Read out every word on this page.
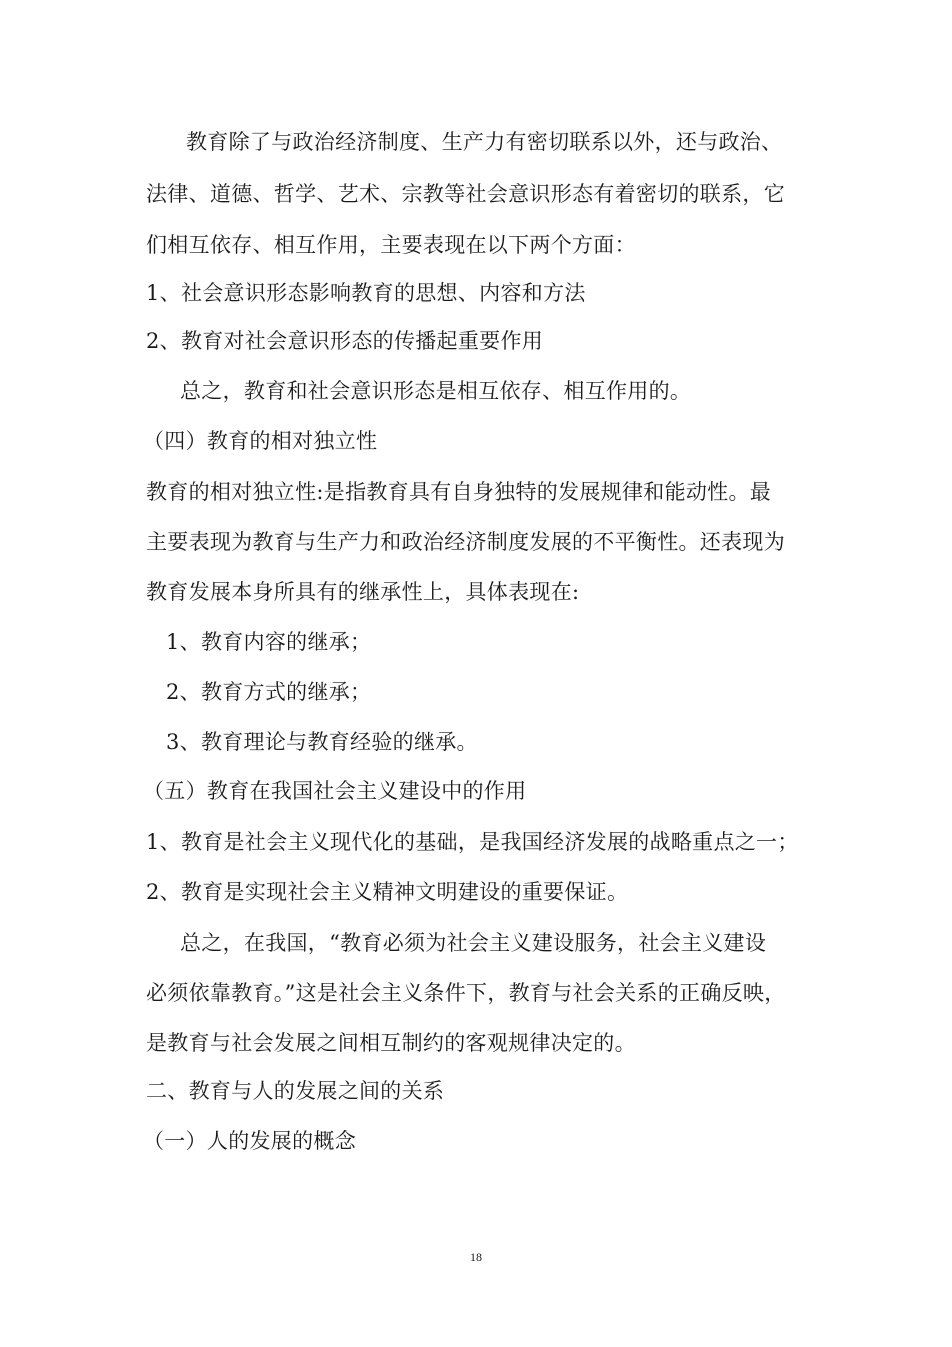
教育除了与政治经济制度、生产力有密切联系以外，还与政治、
法律、道德、哲学、艺术、宗教等社会意识形态有着密切的联系，它
们相互依存、相互作用，主要表现在以下两个方面：
1、社会意识形态影响教育的思想、内容和方法
2、教育对社会意识形态的传播起重要作用
总之，教育和社会意识形态是相互依存、相互作用的。
（四）教育的相对独立性
教育的相对独立性:是指教育具有自身独特的发展规律和能动性。最
主要表现为教育与生产力和政治经济制度发展的不平衡性。还表现为
教育发展本身所具有的继承性上，具体表现在:
1、教育内容的继承；
2、教育方式的继承；
3、教育理论与教育经验的继承。
（五）教育在我国社会主义建设中的作用
1、教育是社会主义现代化的基础，是我国经济发展的战略重点之一；
2、教育是实现社会主义精神文明建设的重要保证。
总之，在我国，“教育必须为社会主义建设服务，社会主义建设
必须依靠教育。”这是社会主义条件下，教育与社会关系的正确反映，
是教育与社会发展之间相互制约的客观规律决定的。
二、教育与人的发展之间的关系
（一）人的发展的概念
18
